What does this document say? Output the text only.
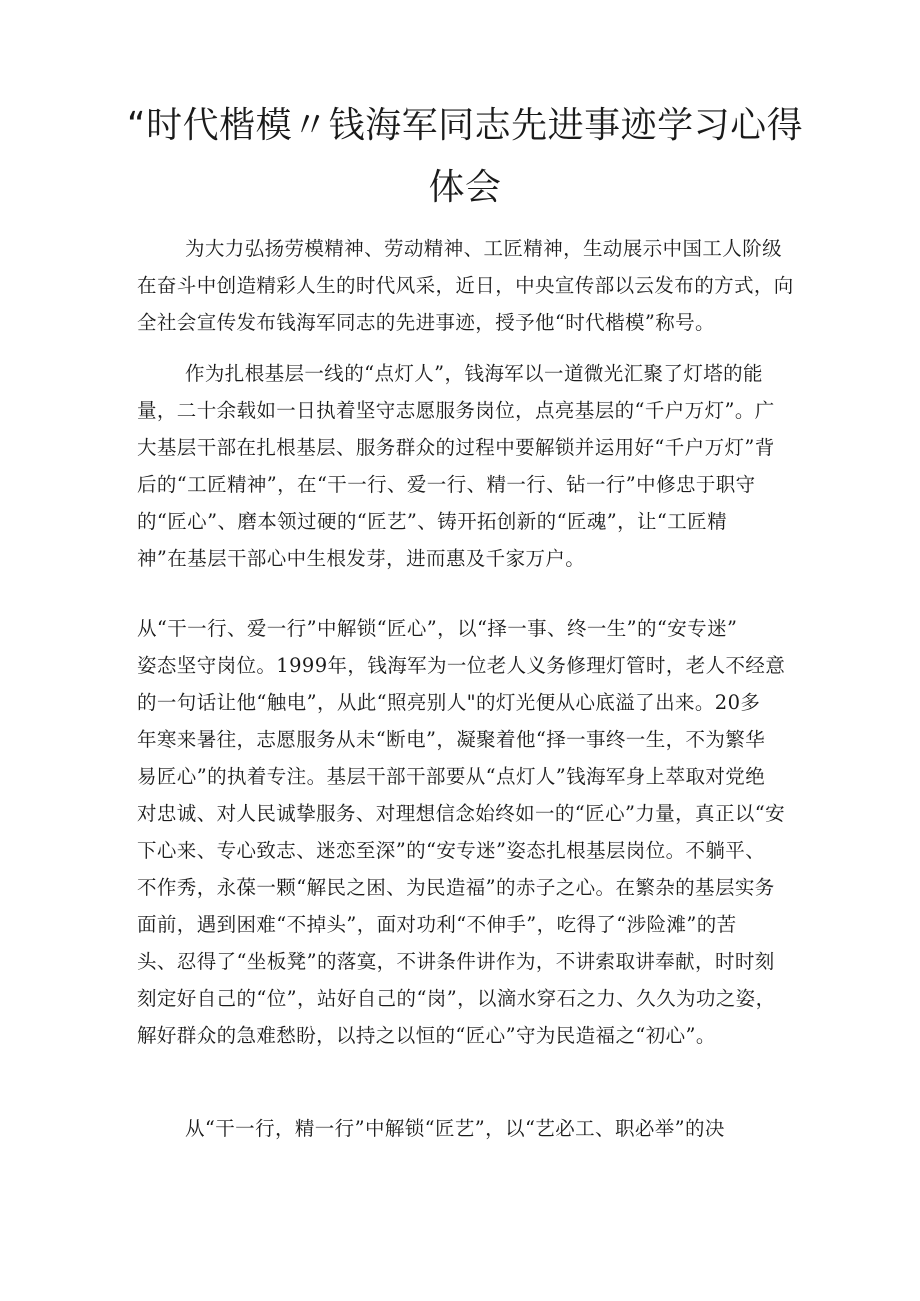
“时代楷模〃钱海军同志先进事迹学习心得
体会
为大力弘扬劳模精神、劳动精神、工匠精神，生动展示中国工人阶级
在奋斗中创造精彩人生的时代风采，近日，中央宣传部以云发布的方式，向
全社会宣传发布钱海军同志的先进事迹，授予他“时代楷模”称号。
作为扎根基层一线的“点灯人”，钱海军以一道微光汇聚了灯塔的能
量，二十余载如一日执着坚守志愿服务岗位，点亮基层的“千户万灯”。广
大基层干部在扎根基层、服务群众的过程中要解锁并运用好“千户万灯”背
后的“工匠精神”，在“干一行、爱一行、精一行、钻一行”中修忠于职守
的“匠心”、磨本领过硬的“匠艺”、铸开拓创新的“匠魂”，让“工匠精
神”在基层干部心中生根发芽，进而惠及千家万户。
从“干一行、爱一行”中解锁“匠心”，以“择一事、终一生”的“安专迷”
姿态坚守岗位。1999年，钱海军为一位老人义务修理灯管时，老人不经意
的一句话让他“触电”，从此“照亮别人"的灯光便从心底溢了出来。20多
年寒来暑往，志愿服务从未“断电”，凝聚着他“择一事终一生，不为繁华
易匠心”的执着专注。基层干部干部要从“点灯人”钱海军身上萃取对党绝
对忠诚、对人民诚挚服务、对理想信念始终如一的“匠心”力量，真正以“安
下心来、专心致志、迷恋至深”的“安专迷”姿态扎根基层岗位。不躺平、
不作秀，永葆一颗“解民之困、为民造福”的赤子之心。在繁杂的基层实务
面前，遇到困难“不掉头”，面对功利“不伸手”，吃得了“涉险滩”的苦
头、忍得了“坐板凳”的落寞，不讲条件讲作为，不讲索取讲奉献，时时刻
刻定好自己的“位”，站好自己的“岗”，以滴水穿石之力、久久为功之姿，
解好群众的急难愁盼，以持之以恒的“匠心”守为民造福之“初心”。
从“干一行，精一行”中解锁“匠艺”，以“艺必工、职必举”的决
